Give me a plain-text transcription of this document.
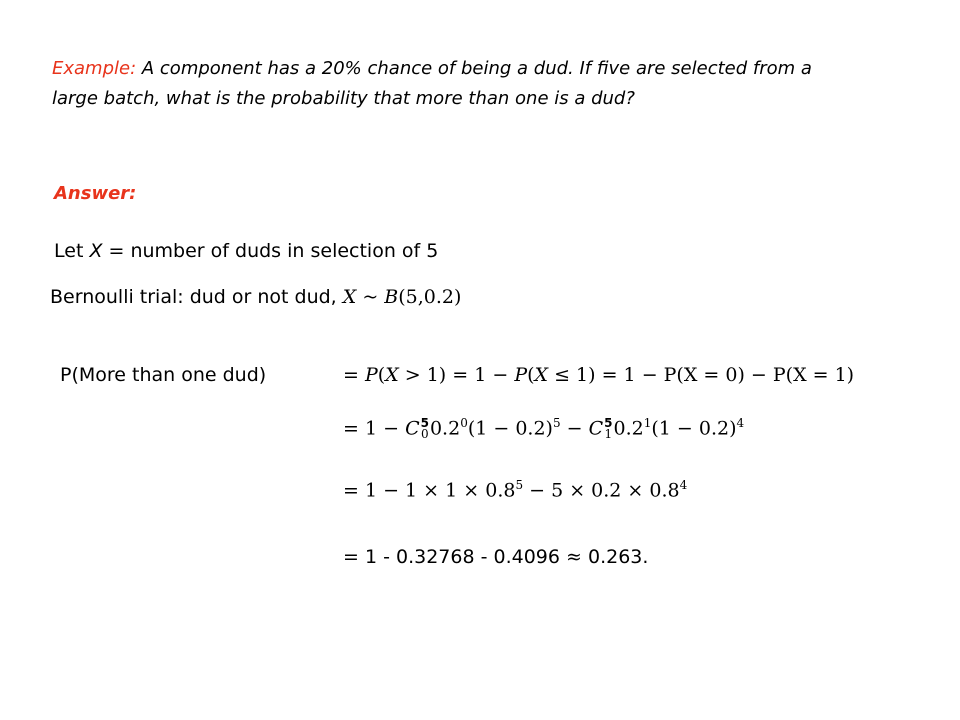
Example: A component has a 20% chance of being a dud. If five are selected from a
large batch, what is the probability that more than one is a dud?
Answer:
Let X = number of duds in selection of 5
Bernoulli trial: dud or not dud, X ~ B(5,0.2)
P(More than one dud)	= P(X > 1) = 1 − P(X ≤ 1) = 1 − P(X = 0) − P(X = 1)
= 1 − C 5
0 $0.2^0(1 - 0.2)^5 - C$ 5
1 $0.2^1(1 - 0.2)^4$
= $1 - 1 \times 1 \times 0.8^5 - 5 \times 0.2 \times 0.8^4$
= 1 - 0.32768 - 0.4096 ≈ 0.263.
